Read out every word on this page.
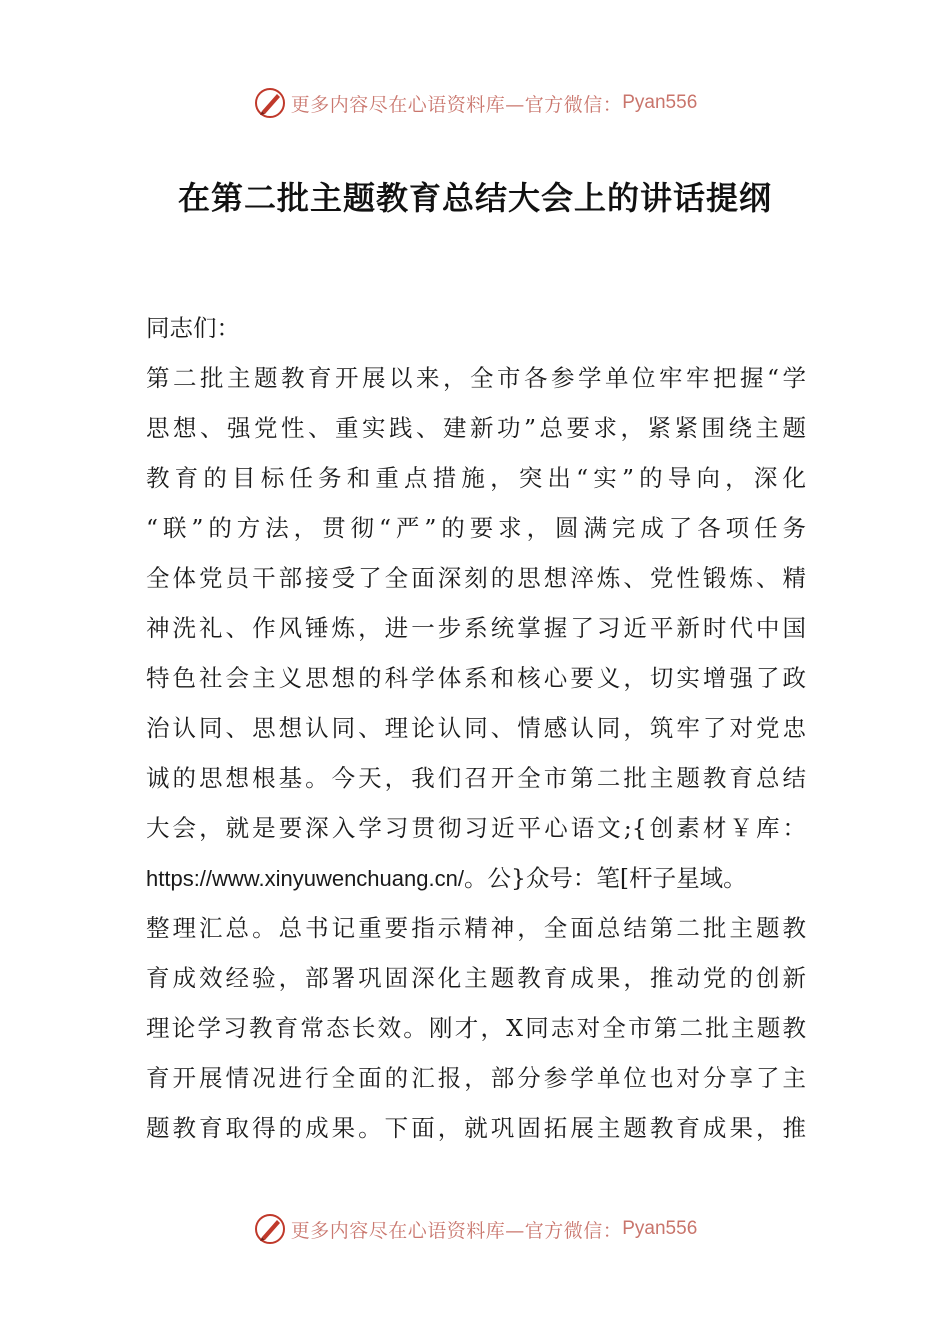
更多内容尽在心语资料库—官方微信： Pyan556
在第二批主题教育总结大会上的讲话提纲
同志们：
第二批主题教育开展以来，全市各参学单位牢牢把握“学
思想、强党性、重实践、建新功”总要求，紧紧围绕主题
教育的目标任务和重点措施，突出“实”的导向，深化
“联”的方法，贯彻“严”的要求，圆满完成了各项任务
全体党员干部接受了全面深刻的思想淬炼、党性锻炼、精
神洗礼、作风锤炼，进一步系统掌握了习近平新时代中国
特色社会主义思想的科学体系和核心要义，切实增强了政
治认同、思想认同、理论认同、情感认同，筑牢了对党忠
诚的思想根基。今天，我们召开全市第二批主题教育总结
大会，就是要深入学习贯彻习近平心语文;{创素材￥库：
https://www.xinyuwenchuang.cn/。公}众号：笔[杆子星域。
整理汇总。总书记重要指示精神，全面总结第二批主题教
育成效经验，部署巩固深化主题教育成果，推动党的创新
理论学习教育常态长效。刚才，X同志对全市第二批主题教
育开展情况进行全面的汇报，部分参学单位也对分享了主
题教育取得的成果。下面，就巩固拓展主题教育成果，推
更多内容尽在心语资料库—官方微信： Pyan556
